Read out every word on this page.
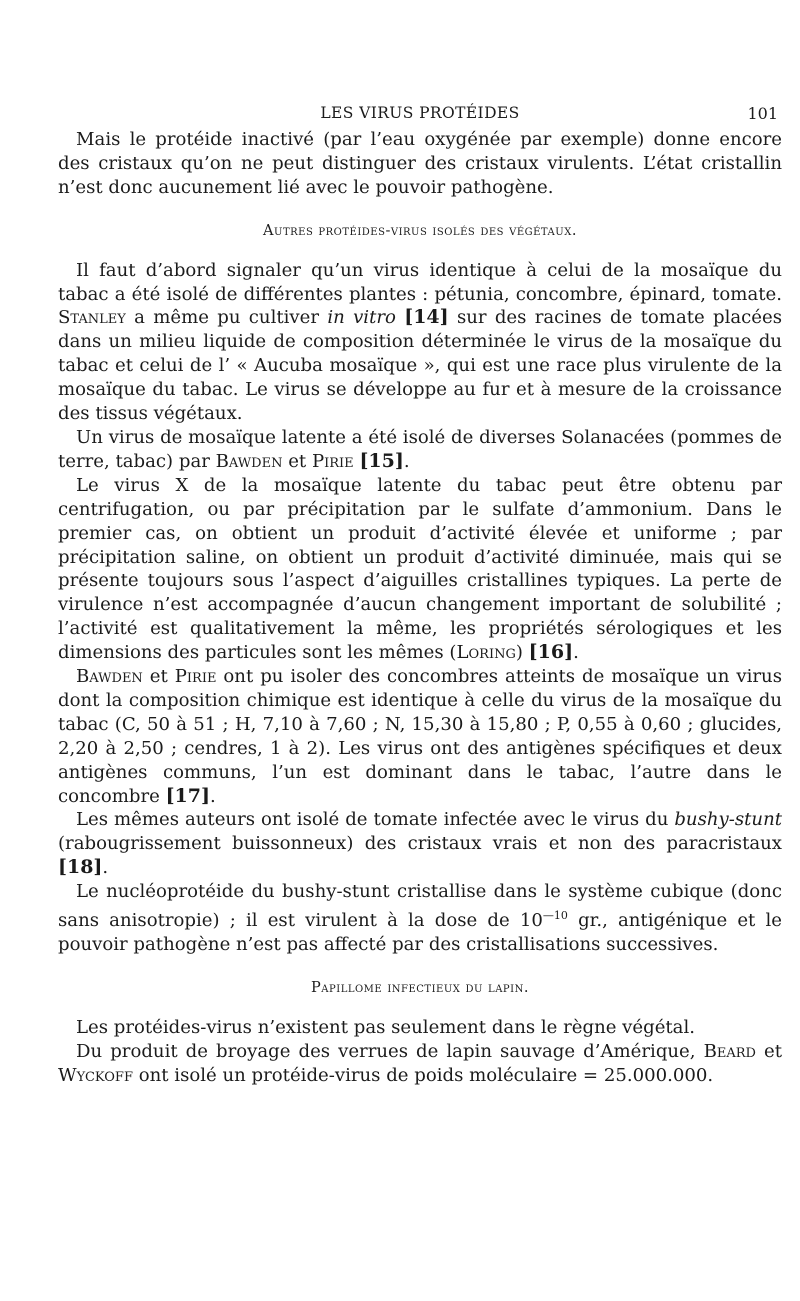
LES VIRUS PROTÉIDES	101

Mais le protéide inactivé (par l’eau oxygénée par exemple) donne encore des cristaux qu’on ne peut distinguer des cristaux virulents. L’état cristallin n’est donc aucunement lié avec le pouvoir pathogène.

Autres protéides-virus isolés des végétaux.

Il faut d’abord signaler qu’un virus identique à celui de la mosaïque du tabac a été isolé de différentes plantes : pétunia, concombre, épinard, tomate. Stanley a même pu cultiver in vitro [14] sur des racines de tomate placées dans un milieu liquide de composition déterminée le virus de la mosaïque du tabac et celui de l’ « Aucuba mosaïque », qui est une race plus virulente de la mosaïque du tabac. Le virus se développe au fur et à mesure de la croissance des tissus végétaux.

Un virus de mosaïque latente a été isolé de diverses Solanacées (pommes de terre, tabac) par Bawden et Pirie [15].

Le virus X de la mosaïque latente du tabac peut être obtenu par centrifugation, ou par précipitation par le sulfate d’ammonium. Dans le premier cas, on obtient un produit d’activité élevée et uniforme ; par précipitation saline, on obtient un produit d’activité diminuée, mais qui se présente toujours sous l’aspect d’aiguilles cristallines typiques. La perte de virulence n’est accompagnée d’aucun changement important de solubilité ; l’activité est qualitativement la même, les propriétés sérologiques et les dimensions des particules sont les mêmes (Loring) [16].

Bawden et Pirie ont pu isoler des concombres atteints de mosaïque un virus dont la composition chimique est identique à celle du virus de la mosaïque du tabac (C, 50 à 51 ; H, 7,10 à 7,60 ; N, 15,30 à 15,80 ; P, 0,55 à 0,60 ; glucides, 2,20 à 2,50 ; cendres, 1 à 2). Les virus ont des antigènes spécifiques et deux antigènes communs, l’un est dominant dans le tabac, l’autre dans le concombre [17].

Les mêmes auteurs ont isolé de tomate infectée avec le virus du bushy-stunt (rabougrissement buissonneux) des cristaux vrais et non des paracristaux [18].

Le nucléoprotéide du bushy-stunt cristallise dans le système cubique (donc sans anisotropie) ; il est virulent à la dose de $10^{—10}$ gr., antigénique et le pouvoir pathogène n’est pas affecté par des cristallisations successives.

Papillome infectieux du lapin.

Les protéides-virus n’existent pas seulement dans le règne végétal.

Du produit de broyage des verrues de lapin sauvage d’Amérique, Beard et Wyckoff ont isolé un protéide-virus de poids moléculaire = 25.000.000.
